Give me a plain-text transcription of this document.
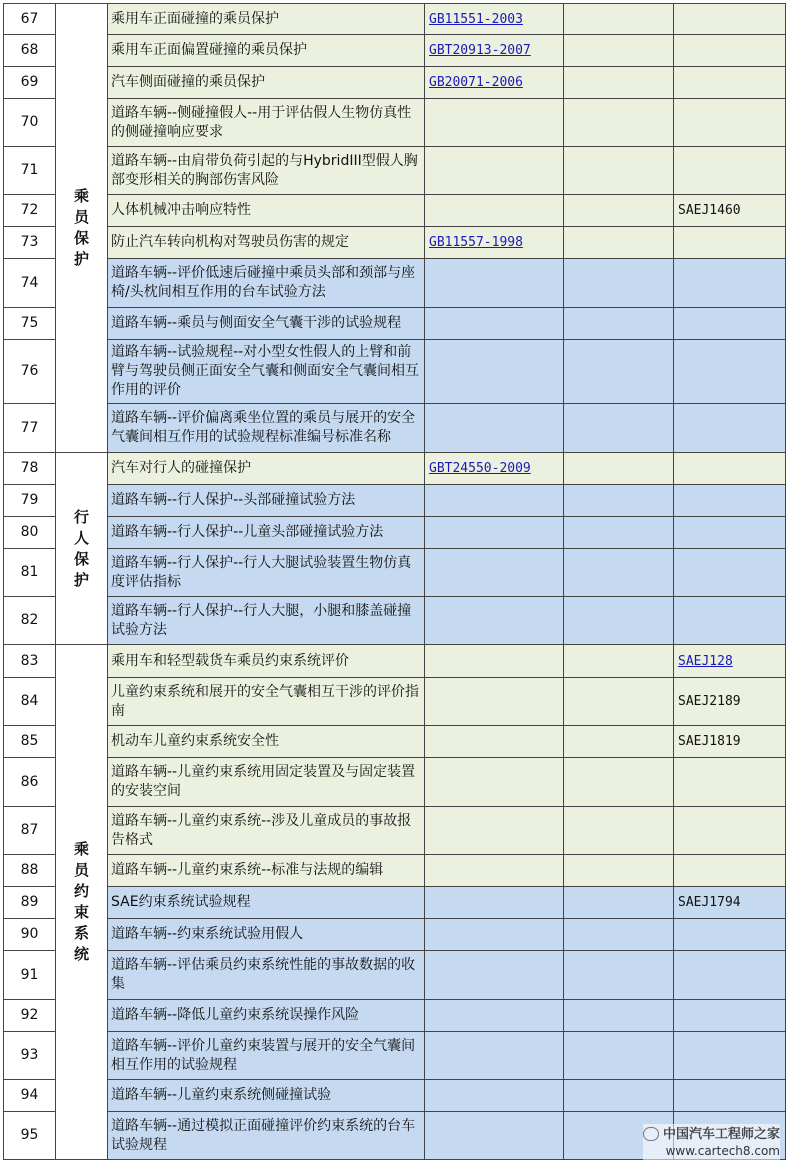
67	乘员保护	乘用车正面碰撞的乘员保护	GB11551-2003		
68		乘用车正面偏置碰撞的乘员保护	GBT20913-2007		
69		汽车侧面碰撞的乘员保护	GB20071-2006		
70		道路车辆--侧碰撞假人--用于评估假人生物仿真性的侧碰撞响应要求			

71		道路车辆--由肩带负荷引起的与HybridIII型假人胸部变形相关的胸部伤害风险			

72		人体机械冲击响应特性			SAEJ1460
73		防止汽车转向机构对驾驶员伤害的规定	GB11557-1998		
74		道路车辆--评价低速后碰撞中乘员头部和颈部与座椅/头枕间相互作用的台车试验方法			

75		道路车辆--乘员与侧面安全气囊干涉的试验规程			

76		道路车辆--试验规程--对小型女性假人的上臂和前臂与驾驶员侧正面安全气囊和侧面安全气囊间相互作用的评价			

77		道路车辆--评价偏离乘坐位置的乘员与展开的安全气囊间相互作用的试验规程标准编号标准名称			

78	行人保护	汽车对行人的碰撞保护	GBT24550-2009		
79		道路车辆--行人保护--头部碰撞试验方法			

80		道路车辆--行人保护--儿童头部碰撞试验方法			

81		道路车辆--行人保护--行人大腿试验装置生物仿真度评估指标			

82		道路车辆--行人保护--行人大腿，小腿和膝盖碰撞试验方法			

83	乘员约束系统	乘用车和轻型载货车乘员约束系统评价			SAEJ128
84		儿童约束系统和展开的安全气囊相互干涉的评价指南			SAEJ2189
85		机动车儿童约束系统安全性			SAEJ1819
86		道路车辆--儿童约束系统用固定装置及与固定装置的安装空间			

87		道路车辆--儿童约束系统--涉及儿童成员的事故报告格式			

88		道路车辆--儿童约束系统--标准与法规的编辑			

89		SAE约束系统试验规程			SAEJ1794
90		道路车辆--约束系统试验用假人			

91		道路车辆--评估乘员约束系统性能的事故数据的收集			

92		道路车辆--降低儿童约束系统误操作风险			

93		道路车辆--评价儿童约束装置与展开的安全气囊间相互作用的试验规程			

94		道路车辆--儿童约束系统侧碰撞试验			

95		道路车辆--通过模拟正面碰撞评价约束系统的台车试验规程			

中国汽车工程师之家
www.cartech8.com
